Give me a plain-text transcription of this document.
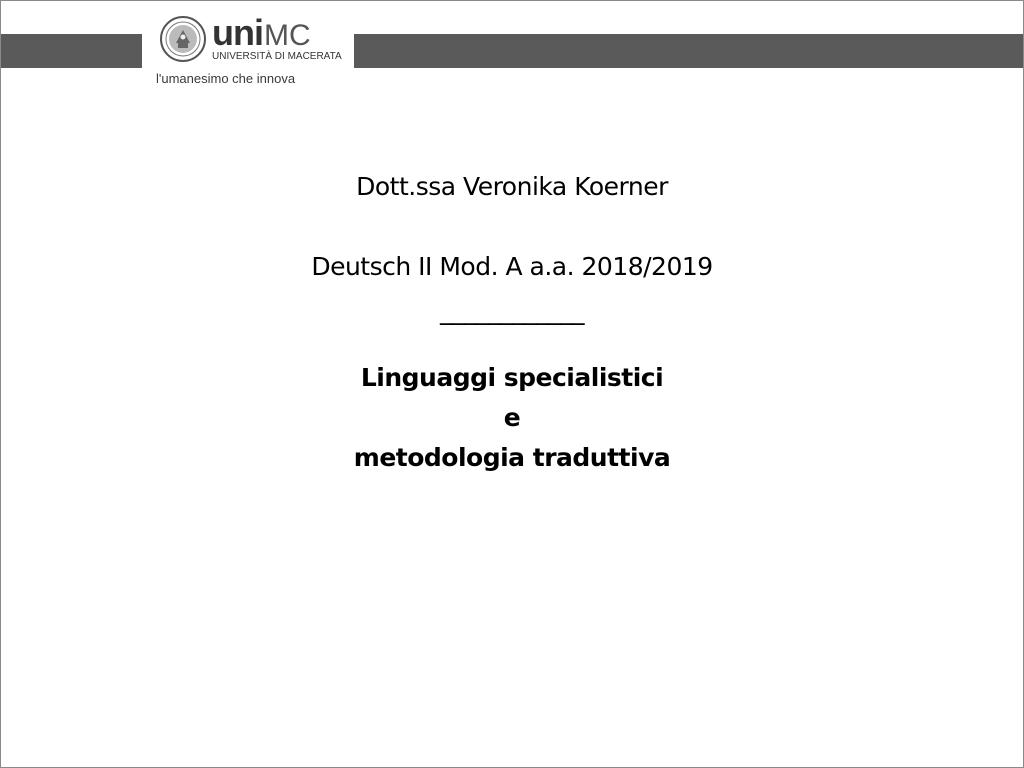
uniMC
UNIVERSITÀ DI MACERATA
l'umanesimo che innova
Dott.ssa Veronika Koerner
Deutsch II Mod. A a.a. 2018/2019
____________
Linguaggi specialistici
e
metodologia traduttiva
